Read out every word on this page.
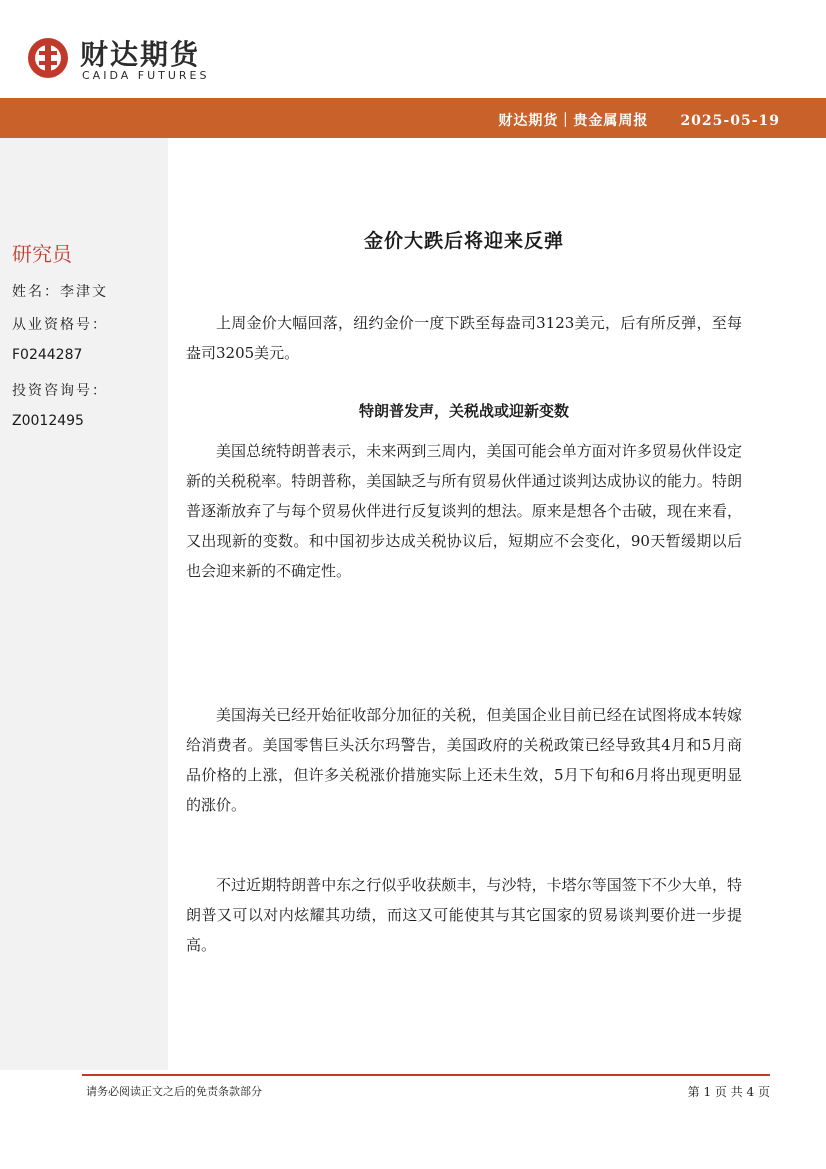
财达期货
CAIDA FUTURES
财达期货｜贵金属周报 2025-05-19
研究员
姓名：李津文
从业资格号：
F0244287
投资咨询号：
Z0012495
金价大跌后将迎来反弹

上周金价大幅回落，纽约金价一度下跌至每盎司3123美元，后有所反弹，至每盎司3205美元。

特朗普发声，关税战或迎新变数

美国总统特朗普表示，未来两到三周内，美国可能会单方面对许多贸易伙伴设定新的关税税率。特朗普称，美国缺乏与所有贸易伙伴通过谈判达成协议的能力。特朗普逐渐放弃了与每个贸易伙伴进行反复谈判的想法。原来是想各个击破，现在来看，又出现新的变数。和中国初步达成关税协议后，短期应不会变化，90天暂缓期以后也会迎来新的不确定性。

美国海关已经开始征收部分加征的关税，但美国企业目前已经在试图将成本转嫁给消费者。美国零售巨头沃尔玛警告，美国政府的关税政策已经导致其4月和5月商品价格的上涨，但许多关税涨价措施实际上还未生效，5月下旬和6月将出现更明显的涨价。

不过近期特朗普中东之行似乎收获颇丰，与沙特，卡塔尔等国签下不少大单，特朗普又可以对内炫耀其功绩，而这又可能使其与其它国家的贸易谈判要价进一步提高。

请务必阅读正文之后的免责条款部分	第 1 页 共 4 页
